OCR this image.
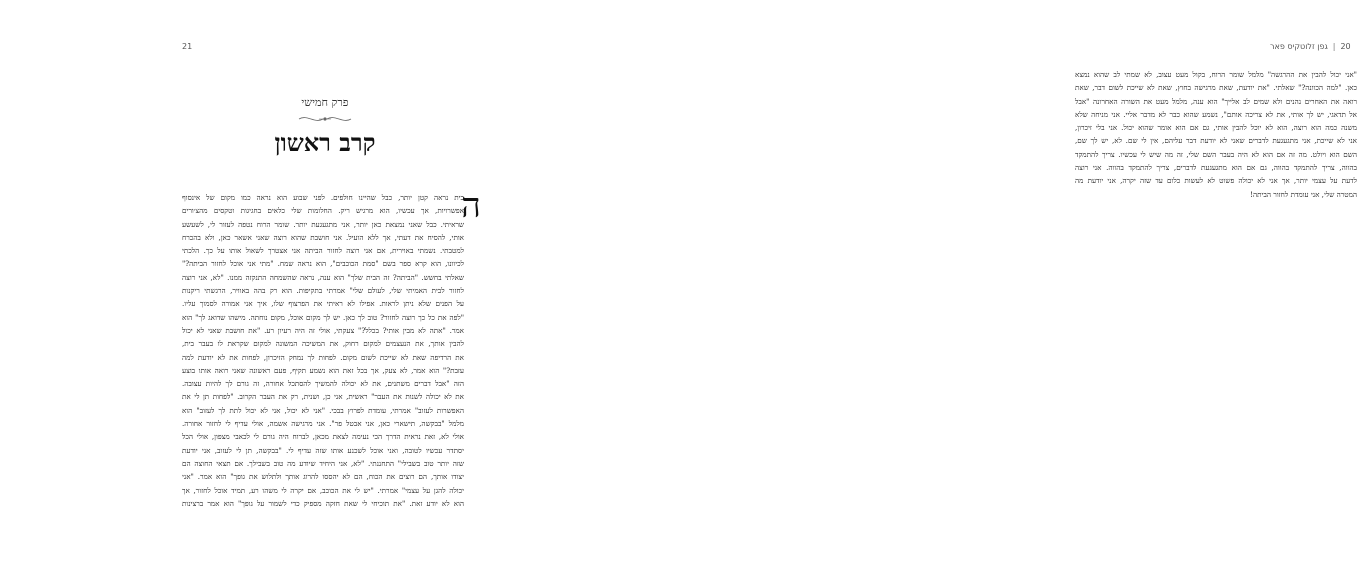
21
פרק חמישי
קרב ראשון
ה
בית נראה קטן יותר, כבל שהיינו חולפים. לפני שבוע הוא נראה כמו מקום של אינסוף
אפשרויות, אך עכשיו, הוא מרגיש ריק. החלומות שלי כלאים בחגיגות וטקסים מהצ׳ורים
שראיתי. כבל שאני נמצאת כאן יותר, אני מתגעגעת יותר. שומר הרוח נטפה לעזור לי, לשעשע
אותי, להסיח את דעתי, אך ללא הועיל. אני חושבת שהוא רוצה שאני אשאר כאן, ולא בהכרח
למטבתי. נשמתי באוירית, אם אני רוצה לחזור הביתה אני אצטרך לשאול אותו על כך. הלכתי
לכיוונו, הוא קרא ספר בשם "סמת הכוכבים", הוא נראה שמח. "מתי אני אוכל לחזור הביתה?"
שאלתי בחשש. "הביתה? זה הבית שלך" הוא ענה, נראה שהשמחה התנקזה ממנו. "לא, אני רוצה
לחזור לבית האמיתי שלי, לעולם שלי" אמרתי בתקיפות. הוא רק בהה באוויר, הרגשתי ריקנות
על הפנים שלא ניתן לראות. אפילו לא ראיתי את הפרצוף שלו, איך אני אמורה לסמוך עליו.
"לפה את כל כך רוצה לחזור? טוב לך כאן. יש לך מקום אוכל, מקום נוחתה. מישהו שדואג לך" הוא
אמר. "אתה לא מבין אותי? בכלל?" צעקתי, אולי זה היה רעיון רע. "את חושבת שאני לא יכול
להבין אותך, את הנעצמים למקום רחוק, את המשיכה המשונה למקום שקראת לו בעבר בית,
את הרדיפה שאת לא שייכת לשום מקום. לפחות לך נמחק הזיכרון, לפחות את לא יודעת למה
עזבת?" הוא אמר, לא צעק, אך בכל זאת הוא נשמע תקיף, פעם ראשונה שאני רואה אותו בוצע
הזה "אבל דברים משתנים, את לא יכולה להמשיך להסתכל אחורה, זה גורם לך להיות עצובה.
את לא יכולה לשנות את העבר" ראשית, אני כן, ושנית, רק את העבר הקרוב. "לפחות תן לי את
האפשרות לעזוב" אמרתי, עומדת לפרוץ בבכי. "אני לא יכול, אני לא יכול לתת לך לעזוב" הוא
מלמל "בבקשה, תישארי כאן, אני אבטל פר". אני מרגישה אשמה, אולי עדיף לי לחזור אחורה.
אולי לא, זאת נראית הדרך הכי נעימה לצאת מכאן, לברוח היה גורם לי לכאבי מצפון, אולי הכל
יסתדר עכשיו לטובה, ואני אוכל לשכנע אותו שזה עדיף לי. "בבקשה, תן לי לעזוב, אני יודעת
שזה יותר טוב בשבילי" התחננתי. "לא, אני היחיד שיודע מה טוב בשבילך. אם תצאי החוצה הם
יצודו אותך, הם רוצים את הכוח, הם לא יהססו להרוג אותך ולתלוש את גופך" הוא אמר. "אני
יכולה להגן על עצמי" אמרתי. "יש לי את הכוכב, אם יקרה לי משהו רע, תמיד אוכל לחזור, אך
הוא לא יודע זאת. "את תוכיחי לי שאת חזקה מספיק כדי לשמור על גופך" הוא אמר ברצינות
20|גפן זלוטקיס פאר
"אני יכול להבין את ההרגשה" מלמל שומר הרוח, בקול מעט עצוב, לא שמתי לב שהוא נמצא
כאן. "למה הכוונה?" שאלתי. "את יודעת, שאת מרגישה בחוץ, שאת לא שייכת לשום דבר, שאת
רואה את האחרים נהנים ולא שמים לב אלייך" הוא ענה, מלמל מעט את השורה האחרונה "אבל
אל תדאגי, יש לך אותי, את לא צריכה אותם", נשמע שהוא כבר לא מדבר אליי. אני מניחה שלא
משנה כמה הוא רוצה, הוא לא יוכל להבין אותי, גם אם הוא אומר שהוא יכול. אני בלי זיכרון,
אני לא שייכת, אני מתגעגעת לדברים שאני לא יודעת דבר עליהם, אין לי שם. לא, יש לך שם,
השם הוא ויולט. מה זה אם הוא לא היה בעבר השם שלי, זה מה שיש לי עכשיו. צריך להתמקד
בהווה, צריך להתמקד בהווה, גם אם הוא מתגעגעת לדברים, צריך להתמקד בהווה. אני רוצה
לדעת על עצמי יותר, אך אני לא יכולה פשוט לא לעשות כלום עד שזה יקרה, אני יודעת מה
המטרה שלי, אני עומדת לחזור הביתה!
